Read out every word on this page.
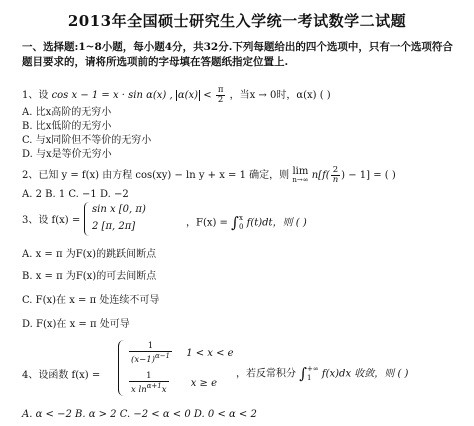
2013年全国硕士研究生入学统一考试数学二试题
一、选择题:1~8小题，每小题4分，共32分.下列每题给出的四个选项中，只有一个选项符合题目要求的，请将所选项前的字母填在答题纸指定位置上.
1、设 cos x − 1 = x · sin α(x) , $\alpha(x) < \frac{\pi}{2}$ ，当x → 0时，α(x) ( )
A. 比x高阶的无穷小
B. 比x低阶的无穷小
C. 与x同阶但不等价的无穷小
D. 与x是等价无穷小
2、已知 y = f(x) 由方程 cos(xy) − ln y + x = 1 确定，则 lim
n→∞ $n[f( \frac{2}{n}$ ) − 1] = ( )
A. 2 B. 1 C. −1 D. −2
3、设 f(x) =
sin x [0, π)
2 [π, 2π]	，F(x) = ∫ x
0 f(t)dt，则 ( )
A. x = π 为F(x)的跳跃间断点
B. x = π 为F(x)的可去间断点
C. F(x)在 x = π 处连续不可导
D. F(x)在 x = π 处可导
4、设函数 f(x) =
$\frac{1}{(x-1)^{\alpha-1}} 1 < x < e$
$\frac{1}{x \ln^{\alpha+1}x}$ x ≥ e
，若反常积分 ∫ +∞
1	f(x)dx 收敛，则 ( )
A. α < −2 B. α > 2 C. −2 < α < 0 D. 0 < α < 2
